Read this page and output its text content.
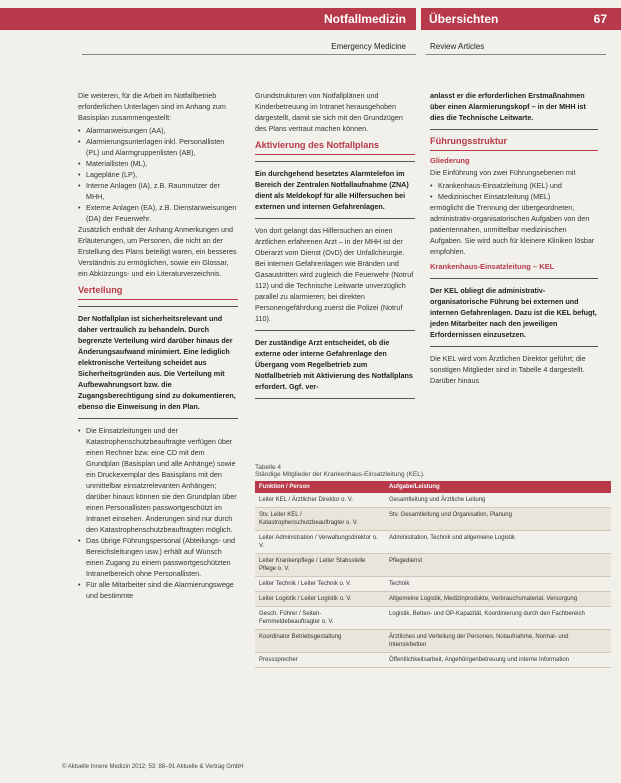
Notfallmedizin	Übersichten	67
Emergency Medicine	Review Articles

Die weiteren, für die Arbeit im Notfallbetrieb erforderlichen Unterlagen sind im Anhang zum Basisplan zusammengestellt:

• Alarmanweisungen (AA),
• Alarmierungsunterlagen inkl. Personallisten (PL) und Alarmgruppenlisten (AB),
• Materiallisten (ML),
• Lagepläne (LP),
• Interne Anlagen (IA), z.B. Raumnutzer der MHH,
• Externe Anlagen (EA), z.B. Dienstanweisungen (DA) der Feuerwehr.

Zusätzlich enthält der Anhang Anmerkungen und Erläuterungen, um Personen, die nicht an der Erstellung des Plans beteiligt waren, ein besseres Verständnis zu ermöglichen, sowie ein Glossar, ein Abkürzungs- und ein Literaturverzeichnis.

Verteilung
Der Notfallplan ist sicherheitsrelevant und daher vertraulich zu behandeln. Durch begrenzte Verteilung wird darüber hinaus der Änderungsaufwand minimiert. Eine lediglich elektronische Verteilung scheidet aus Sicherheitsgründen aus. Die Verteilung mit Aufbewahrungsort bzw. die Zugangsberechtigung sind zu dokumentieren, ebenso die Einweisung in den Plan.
• Die Einsatzleitungen und der Katastrophenschutzbeauftragte verfügen über einen Rechner bzw. eine CD mit dem Grundplan (Basisplan und alle Anhänge) sowie ein Druckexemplar des Basisplans mit den unmittelbar einsatzrelevanten Anhängen; darüber hinaus können sie den Grundplan über einen Personallisten passwortgeschützt im Intranet einsehen. Änderungen sind nur durch den Katastrophenschutzbeauftragten möglich.
• Das übrige Führungspersonal (Abteilungs- und Bereichsleitungen usw.) erhält auf Wunsch einen Zugang zu einem passwortgeschützten Intranetbereich ohne Personallisten.
• Für alle Mitarbeiter sind die Alarmierungswege und bestimmte

Grundstrukturen von Notfallplänen und Kinderbetreuung im Intranet herausgehoben dargestellt, damit sie sich mit den Grundzügen des Plans vertraut machen können.

Aktivierung des Notfallplans
Ein durchgehend besetztes Alarmtelefon im Bereich der Zentralen Notfallaufnahme (ZNA) dient als Meldekopf für alle Hilfersuchen bei externen und internen Gefahrenlagen.

Von dort gelangt das Hilfersuchen an einen ärztlichen erfahrenen Arzt – in der MHH ist der Oberarzt vom Dienst (OvD) der Unfallchirurgie. Bei internen Gefahrenlagen wie Bränden und Gasaustritten wird zugleich die Feuerwehr (Notruf 112) und die Technische Leitwarte unverzüglich parallel zu alarmieren; bei direkten Personengefährdung zuerst die Polizei (Notruf 110).

Der zuständige Arzt entscheidet, ob die externe oder interne Gefahrenlage den Übergang vom Regelbetrieb zum Notfallbetrieb mit Aktivierung des Notfallplans erfordert. Ggf. ver-
anlasst er die erforderlichen Erstmaßnahmen über einen Alarmierungskopf – in der MHH ist dies die Technische Leitwarte.
Führungsstruktur
Gliederung

Die Einführung von zwei Führungsebenen mit

• Krankenhaus-Einsatzleitung (KEL) und
• Medizinischer Einsatzleitung (MEL)

ermöglicht die Trennung der übergeordneten, administrativ-organisatorischen Aufgaben von den patientennahen, unmittelbar medizinischen Aufgaben. Sie wird auch für kleinere Kliniken lösbar empfohlen.

Krankenhaus-Einsatzleitung – KEL
Der KEL obliegt die administrativ-organisatorische Führung bei externen und internen Gefahrenlagen. Dazu ist die KEL befugt, jeden Mitarbeiter nach den jeweiligen Erfordernissen einzusetzen.

Die KEL wird vom Ärztlichen Direktor geführt; die sonstigen Mitglieder sind in Tabelle 4 dargestellt. Darüber hinaus

Tabelle 4
Ständige Mitglieder der Krankenhaus-Einsatzleitung (KEL).
Funktion / Person	Aufgabe/Leistung
Leiter KEL / Ärztlicher Direktor o. V.	Gesamtleitung und Ärztliche Leitung
Stv. Leiter KEL / Katastrophenschutzbeauftragter o. V.	Stv. Gesamtleitung und Organisation, Planung
Leiter Administration / Verwaltungsdirektor o. V.	Administration, Technik und allgemeine Logistik
Leiter Krankenpflege / Leiter Stabsstelle Pflege o. V.	Pflegedienst
Leiter Technik / Leiter Technik o. V.	Technik
Leiter Logistik / Leiter Logistik o. V.	Allgemeine Logistik, Medizinprodukte, Verbrauchsmaterial, Versorgung
Gesch. Führer / Seiten-Fernmeldebeauftragter o. V.	Logistik, Betten- und OP-Kapazität, Koordinierung durch den Fachbereich
Koordinator Betriebsgestaltung	Ärztliches und Verteilung der Personen, Notaufnahme, Normal- und Intensivbetten
Presssprecher	Öffentlichkeitsarbeit, Angehörigenbetreuung und interne Information
© Aktuelle Innere Medizin 2012; 53: 88–91 Aktuelle & Vertrag GmbH
